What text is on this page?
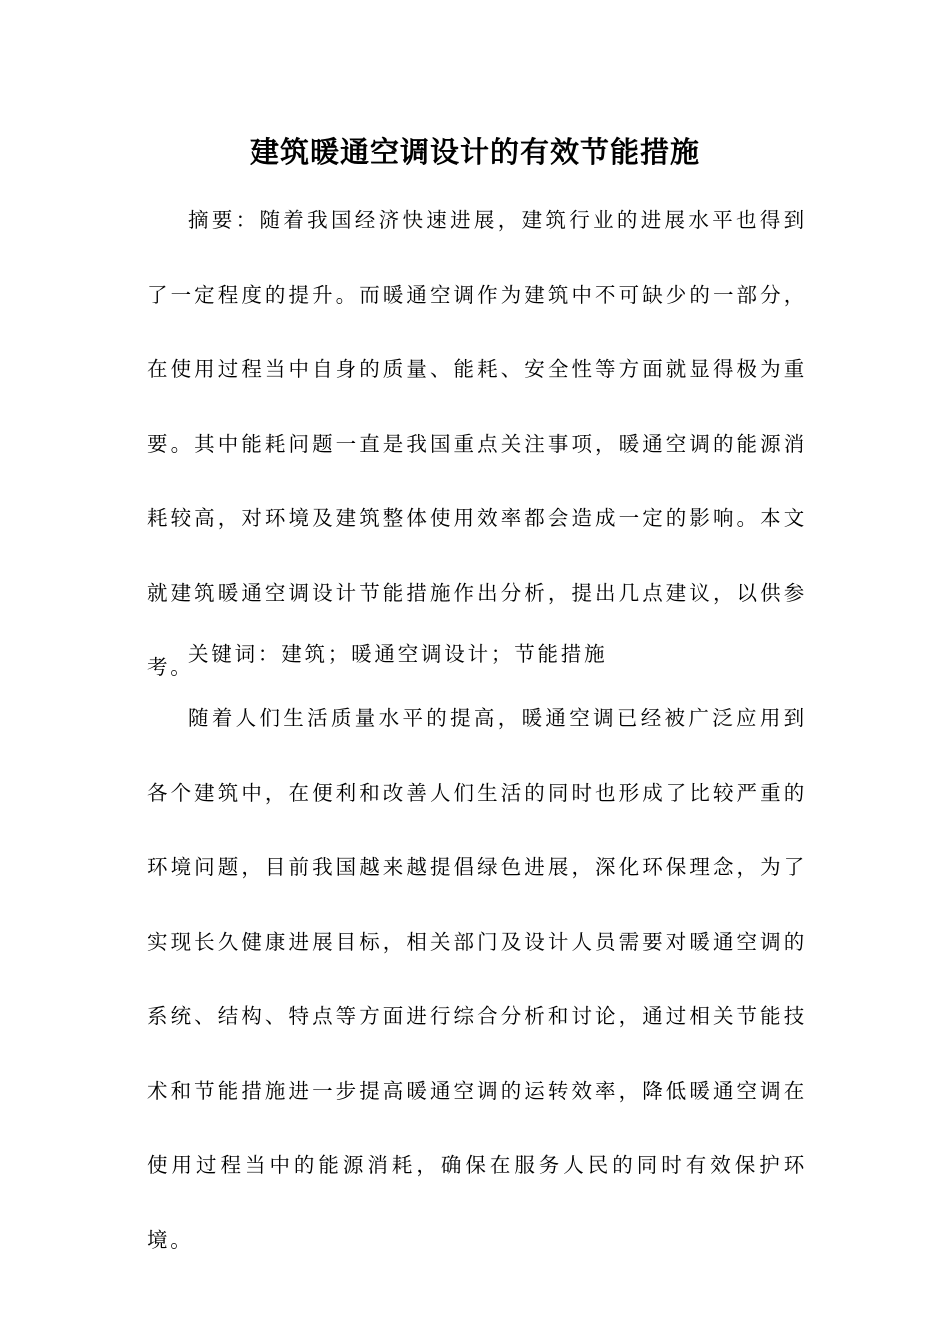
建筑暖通空调设计的有效节能措施

摘要：随着我国经济快速进展，建筑行业的进展水平也得到了一定程度的提升。而暖通空调作为建筑中不可缺少的一部分，在使用过程当中自身的质量、能耗、安全性等方面就显得极为重要。其中能耗问题一直是我国重点关注事项，暖通空调的能源消耗较高，对环境及建筑整体使用效率都会造成一定的影响。本文就建筑暖通空调设计节能措施作出分析，提出几点建议，以供参考。

关键词：建筑；暖通空调设计；节能措施

随着人们生活质量水平的提高，暖通空调已经被广泛应用到各个建筑中，在便利和改善人们生活的同时也形成了比较严重的环境问题，目前我国越来越提倡绿色进展，深化环保理念，为了实现长久健康进展目标，相关部门及设计人员需要对暖通空调的系统、结构、特点等方面进行综合分析和讨论，通过相关节能技术和节能措施进一步提高暖通空调的运转效率，降低暖通空调在使用过程当中的能源消耗，确保在服务人民的同时有效保护环境。
